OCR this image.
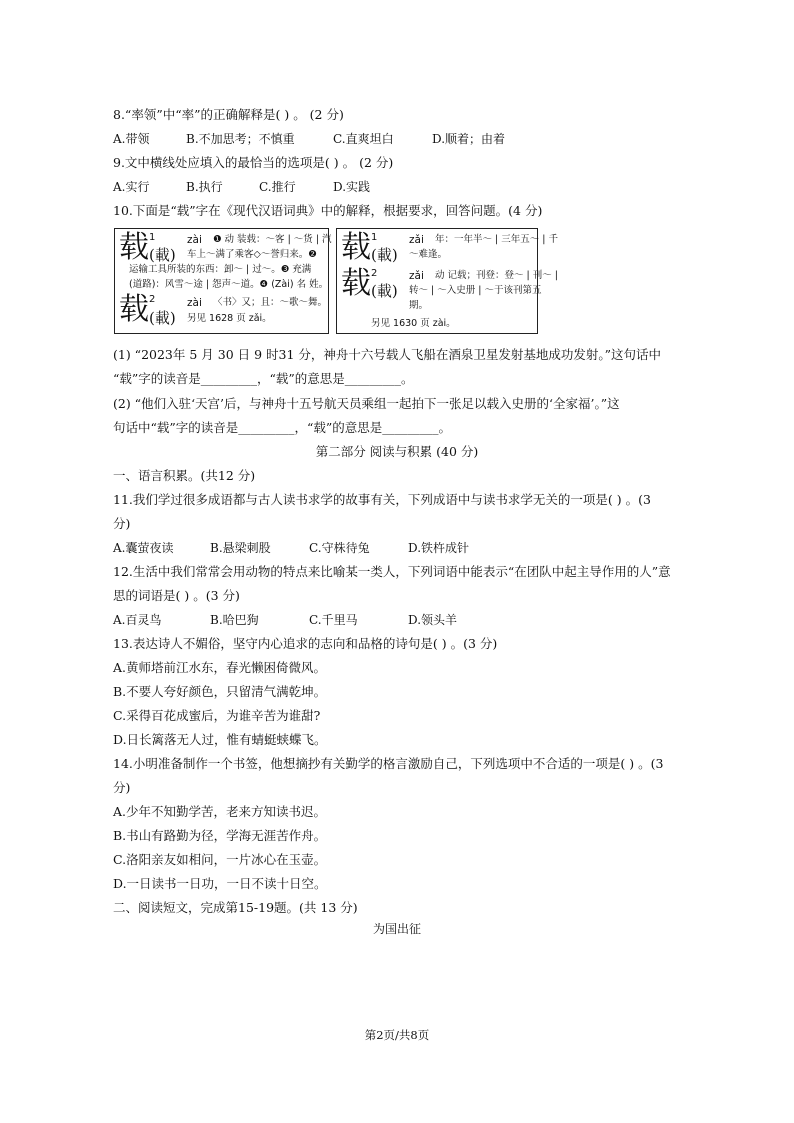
8.“率领”中“率”的正确解释是( ) 。 (2 分)
A.带领	B.不加思考；不慎重	C.直爽坦白	D.顺着；由着
9.文中横线处应填入的最恰当的选项是( ) 。 (2 分)
A.实行	B.执行	C.推行	D.实践
10.下面是“载”字在《现代汉语词典》中的解释，根据要求，回答问题。(4 分)
载 1
(載)
zài ❶ 动 装载：～客 | ～货 | 汽
车上～满了乘客◇～誉归来。❷
运输工具所装的东西：卸～ | 过～。❸ 充满
(道路)：风雪～途 | 怨声～道。❹ (Zài) 名 姓。
载 2
(載)
zài 〈书〉又；且：～歌～舞。
另见 1628 页 zǎi。
载 1
(載)
zǎi 年：一年半～ | 三年五～ | 千
～难逢。
载 2
(載)
zǎi 动 记载；刊登：登～ | 刊～ |
转～ | ～入史册 | ～于该刊第五
期。
另见 1630 页 zài。
(1) “2023年 5 月 30 日 9 时31 分，神舟十六号载人飞船在酒泉卫星发射基地成功发射。”这句话中
“载”字的读音是_________，“载”的意思是_________。
(2) “他们入驻‘天宫’后，与神舟十五号航天员乘组一起拍下一张足以载入史册的‘全家福’。”这
句话中“载”字的读音是_________，“载”的意思是_________。
第二部分 阅读与积累 (40 分)
一、语言积累。(共12 分)
11.我们学过很多成语都与古人读书求学的故事有关，下列成语中与读书求学无关的一项是( ) 。(3
分)
A.囊萤夜读	B.悬梁刺股	C.守株待兔	D.铁杵成针
12.生活中我们常常会用动物的特点来比喻某一类人，下列词语中能表示“在团队中起主导作用的人”意
思的词语是( ) 。(3 分)
A.百灵鸟	B.哈巴狗	C.千里马	D.领头羊
13.表达诗人不媚俗，坚守内心追求的志向和品格的诗句是( ) 。(3 分)
A.黄师塔前江水东，春光懒困倚微风。
B.不要人夸好颜色，只留清气满乾坤。
C.采得百花成蜜后，为谁辛苦为谁甜?
D.日长篱落无人过，惟有蜻蜓蛱蝶飞。
14.小明准备制作一个书签，他想摘抄有关勤学的格言激励自己，下列选项中不合适的一项是( ) 。(3
分)
A.少年不知勤学苦，老来方知读书迟。
B.书山有路勤为径，学海无涯苦作舟。
C.洛阳亲友如相问，一片冰心在玉壶。
D.一日读书一日功，一日不读十日空。
二、阅读短文，完成第15-19题。(共 13 分)
为国出征
第2页/共8页
